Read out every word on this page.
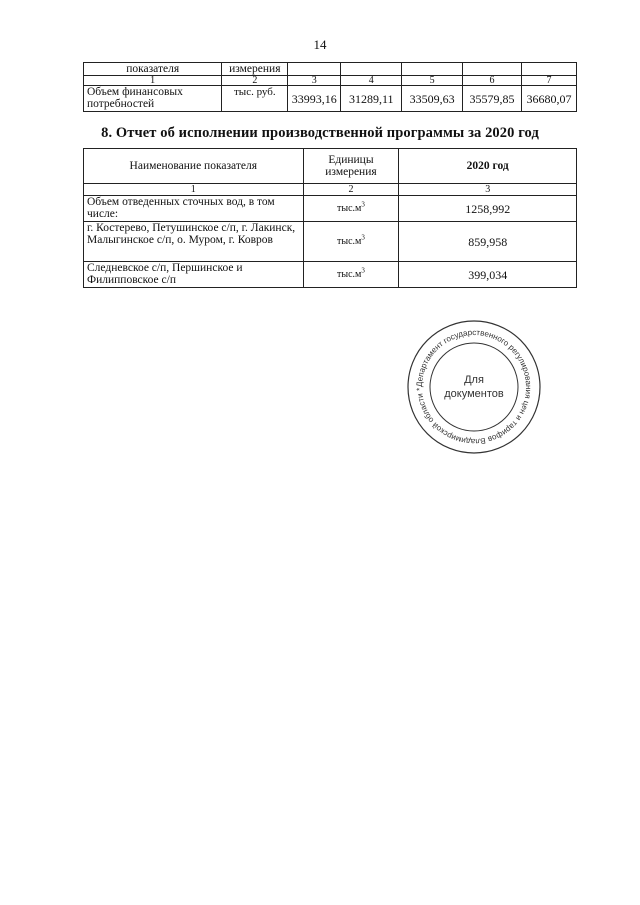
14
показателя	измерения					
1	2	3	4	5	6	7
Объем финансовых потребностей	тыс. руб.	33993,16	31289,11	33509,63	35579,85	36680,07
8. Отчет об исполнении производственной программы за 2020 год
Наименование показателя	Единицы измерения	2020 год
1	2	3
Объем отведенных сточных вод, в том числе:	$тыс.м^3$	1258,992
г. Костерево, Петушинское с/п, г. Лакинск, Малыгинское с/п, о. Муром, г. Ковров	$тыс.м^3$	859,958
Следневское с/п, Першинское и Филипповское с/п	$тыс.м^3$	399,034
Департамент государственного регулирования цен и тарифов Владимирской области *
Для
документов
